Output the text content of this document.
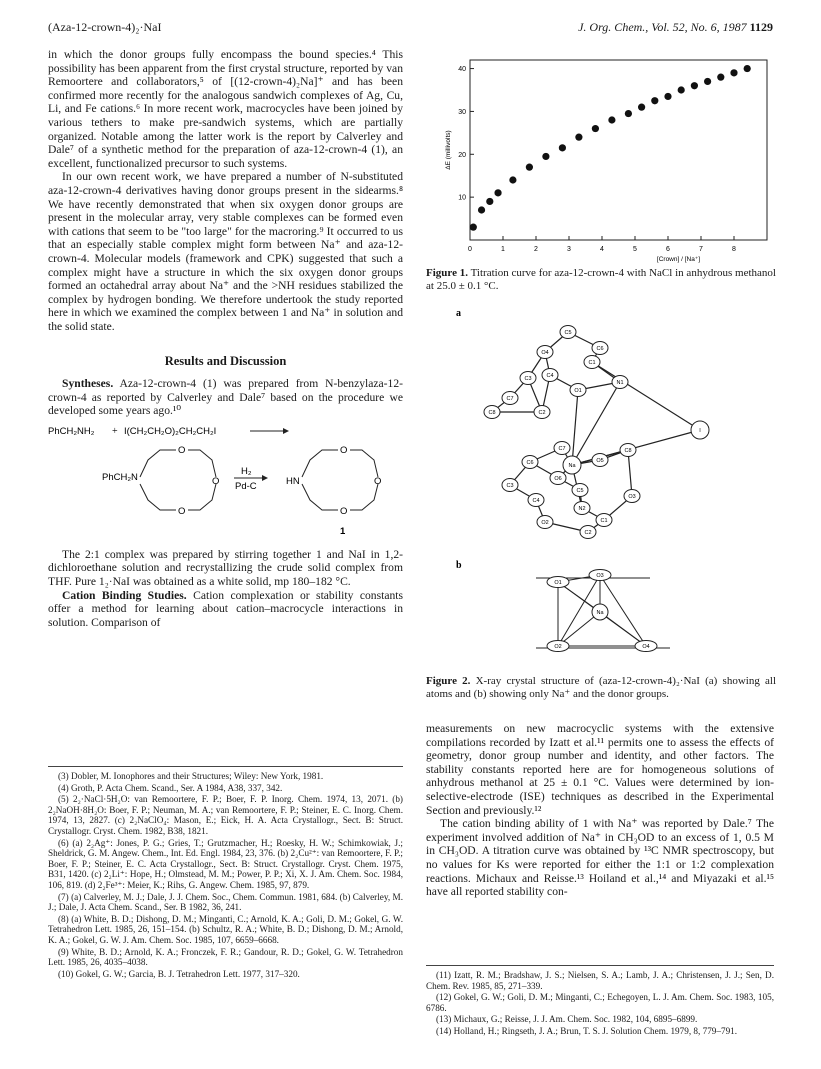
(Aza-12-crown-4)₂·NaI	J. Org. Chem., Vol. 52, No. 6, 1987 1129

in which the donor groups fully encompass the bound species.⁴ This possibility has been apparent from the first crystal structure, reported by van Remoortere and collaborators,⁵ of [(12-crown-4)₂Na]⁺ and has been confirmed more recently for the analogous sandwich complexes of Ag, Cu, Li, and Fe cations.⁶ In more recent work, macrocycles have been joined by various tethers to make pre-sandwich systems, which are partially organized. Notable among the latter work is the report by Calverley and Dale⁷ of a synthetic method for the preparation of aza-12-crown-4 (1), an excellent, functionalized precursor to such systems.

In our own recent work, we have prepared a number of N-substituted aza-12-crown-4 derivatives having donor groups present in the sidearms.⁸ We have recently demonstrated that when six oxygen donor groups are present in the molecular array, very stable complexes can be formed even with cations that seem to be "too large" for the macroring.⁹ It occurred to us that an especially stable complex might form between Na⁺ and aza-12-crown-4. Molecular models (framework and CPK) suggested that such a complex might have a structure in which the six oxygen donor groups formed an octahedral array about Na⁺ and the >NH residues stabilized the complex by hydrogen bonding. We therefore undertook the study reported here in which we examined the complex between 1 and Na⁺ in solution and the solid state.

Results and Discussion

Syntheses. Aza-12-crown-4 (1) was prepared from N-benzylaza-12-crown-4 as reported by Calverley and Dale⁷ based on the procedure we developed some years ago.¹⁰

PhCH₂NH₂ + I(CH₂CH₂O)₂CH₂CH₂I
PhCH₂N
O
O
O
H₂
Pd-C	HN
O
O
O
1

The 2:1 complex was prepared by stirring together 1 and NaI in 1,2-dichloroethane solution and recrystallizing the crude solid complex from THF. Pure 1₂·NaI was obtained as a white solid, mp 180–182 °C.

Cation Binding Studies. Cation complexation or stability constants offer a method for learning about cation–macrocycle interactions in solution. Comparison of

(3) Dobler, M. Ionophores and their Structures; Wiley: New York, 1981.
(4) Groth, P. Acta Chem. Scand., Ser. A 1984, A38, 337, 342.
(5) 2₂·NaCl·5H₂O: van Remoortere, F. P.; Boer, F. P. Inorg. Chem. 1974, 13, 2071. (b) 2₂NaOH·8H₂O: Boer, F. P.; Neuman, M. A.; van Remoortere, F. P.; Steiner, E. C. Inorg. Chem. 1974, 13, 2827. (c) 2₂NaClO₄: Mason, E.; Eick, H. A. Acta Crystallogr., Sect. B: Struct. Crystallogr. Cryst. Chem. 1982, B38, 1821.
(6) (a) 2₂Ag⁺: Jones, P. G.; Gries, T.; Grutzmacher, H.; Roesky, H. W.; Schimkowiak, J.; Sheldrick, G. M. Angew. Chem., Int. Ed. Engl. 1984, 23, 376. (b) 2₂Cu²⁺: van Remoortere, F. P.; Boer, F. P.; Steiner, E. C. Acta Crystallogr., Sect. B: Struct. Crystallogr. Cryst. Chem. 1975, B31, 1420. (c) 2₂Li⁺: Hope, H.; Olmstead, M. M.; Power, P. P.; Xi, X. J. Am. Chem. Soc. 1984, 106, 819. (d) 2₂Fe³⁺: Meier, K.; Rihs, G. Angew. Chem. 1985, 97, 879.
(7) (a) Calverley, M. J.; Dale, J. J. Chem. Soc., Chem. Commun. 1981, 684. (b) Calverley, M. J.; Dale, J. Acta Chem. Scand., Ser. B 1982, 36, 241.
(8) (a) White, B. D.; Dishong, D. M.; Minganti, C.; Arnold, K. A.; Goli, D. M.; Gokel, G. W. Tetrahedron Lett. 1985, 26, 151–154. (b) Schultz, R. A.; White, B. D.; Dishong, D. M.; Arnold, K. A.; Gokel, G. W. J. Am. Chem. Soc. 1985, 107, 6659–6668.
(9) White, B. D.; Arnold, K. A.; Fronczek, F. R.; Gandour, R. D.; Gokel, G. W. Tetrahedron Lett. 1985, 26, 4035–4038.
(10) Gokel, G. W.; Garcia, B. J. Tetrahedron Lett. 1977, 317–320.
0	1	2	3	4	5	6	7	8
10
20
30
40
[Crown] / [Na⁺]
ΔE (millivolts)
Figure 1. Titration curve for aza-12-crown-4 with NaCl in anhydrous methanol at 25.0 ± 0.1 °C.
a
b
C5
O4
C6
C3
C7
C4
O1
C8	C2
N1
C1
I
C7
O5
C8
C6
O6
C5
C4
N2
O2	C1
C3
C2
O3
Na
O3
O1
Na
O2	O4
Figure 2. X-ray crystal structure of (aza-12-crown-4)₂·NaI (a) showing all atoms and (b) showing only Na⁺ and the donor groups.

measurements on new macrocyclic systems with the extensive compilations recorded by Izatt et al.¹¹ permits one to assess the effects of geometry, donor group number and identity, and other factors. The stability constants reported here are for homogeneous solutions of anhydrous methanol at 25 ± 0.1 °C. Values were determined by ion-selective-electrode (ISE) techniques as described in the Experimental Section and previously.¹²

The cation binding ability of 1 with Na⁺ was reported by Dale.⁷ The experiment involved addition of Na⁺ in CH₃OD to an excess of 1, 0.5 M in CH₃OD. A titration curve was obtained by ¹³C NMR spectroscopy, but no values for Ks were reported for either the 1:1 or 1:2 complexation reactions. Michaux and Reisse.¹³ Hoiland et al.,¹⁴ and Miyazaki et al.¹⁵ have all reported stability con-

(11) Izatt, R. M.; Bradshaw, J. S.; Nielsen, S. A.; Lamb, J. A.; Christensen, J. J.; Sen, D. Chem. Rev. 1985, 85, 271–339.
(12) Gokel, G. W.; Goli, D. M.; Minganti, C.; Echegoyen, L. J. Am. Chem. Soc. 1983, 105, 6786.
(13) Michaux, G.; Reisse, J. J. Am. Chem. Soc. 1982, 104, 6895–6899.
(14) Holland, H.; Ringseth, J. A.; Brun, T. S. J. Solution Chem. 1979, 8, 779–791.
